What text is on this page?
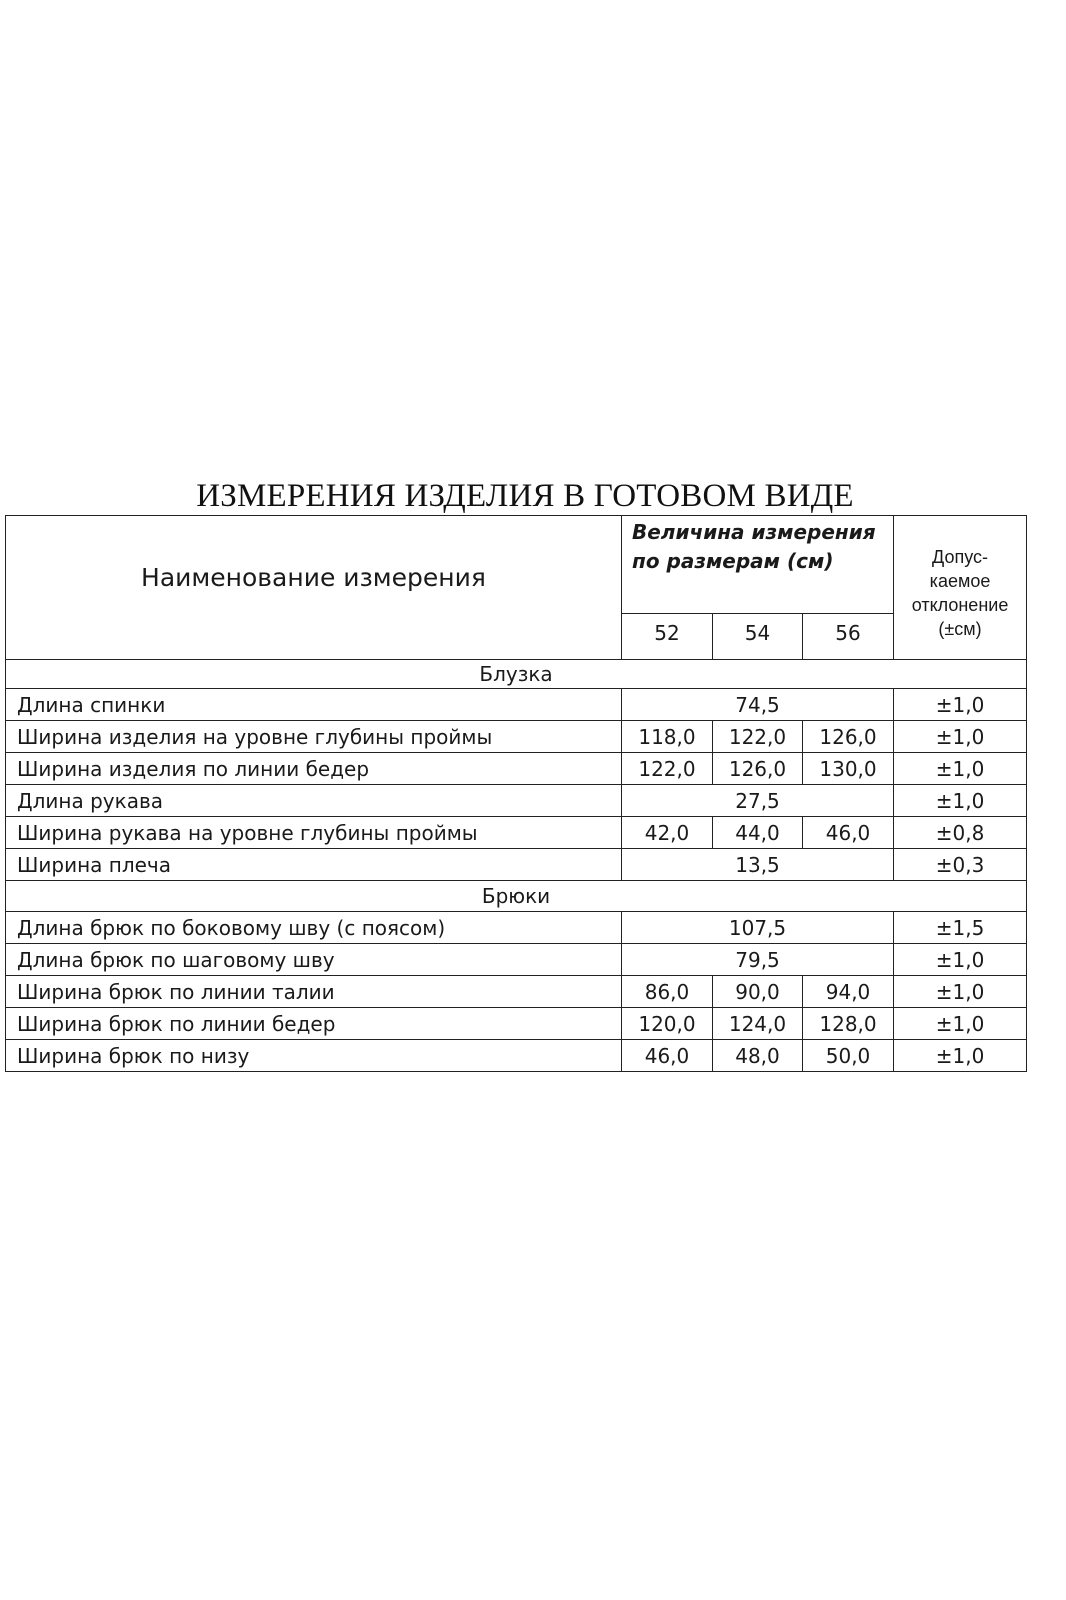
ИЗМЕРЕНИЯ ИЗДЕЛИЯ В ГОТОВОМ ВИДЕ
Наименование измерения	Величина измерения по размерам (см)			Допус-
каемое
отклонение
(±см)

	52	54	56	
Блузка				
Длина спинки	74,5			±1,0
Ширина изделия на уровне глубины проймы	118,0	122,0	126,0	±1,0
Ширина изделия по линии бедер	122,0	126,0	130,0	±1,0
Длина рукава	27,5			±1,0
Ширина рукава на уровне глубины проймы	42,0	44,0	46,0	±0,8
Ширина плеча	13,5			±0,3
Брюки				
Длина брюк по боковому шву (с поясом)	107,5			±1,5
Длина брюк по шаговому шву	79,5			±1,0
Ширина брюк по линии талии	86,0	90,0	94,0	±1,0
Ширина брюк по линии бедер	120,0	124,0	128,0	±1,0
Ширина брюк по низу	46,0	48,0	50,0	±1,0
